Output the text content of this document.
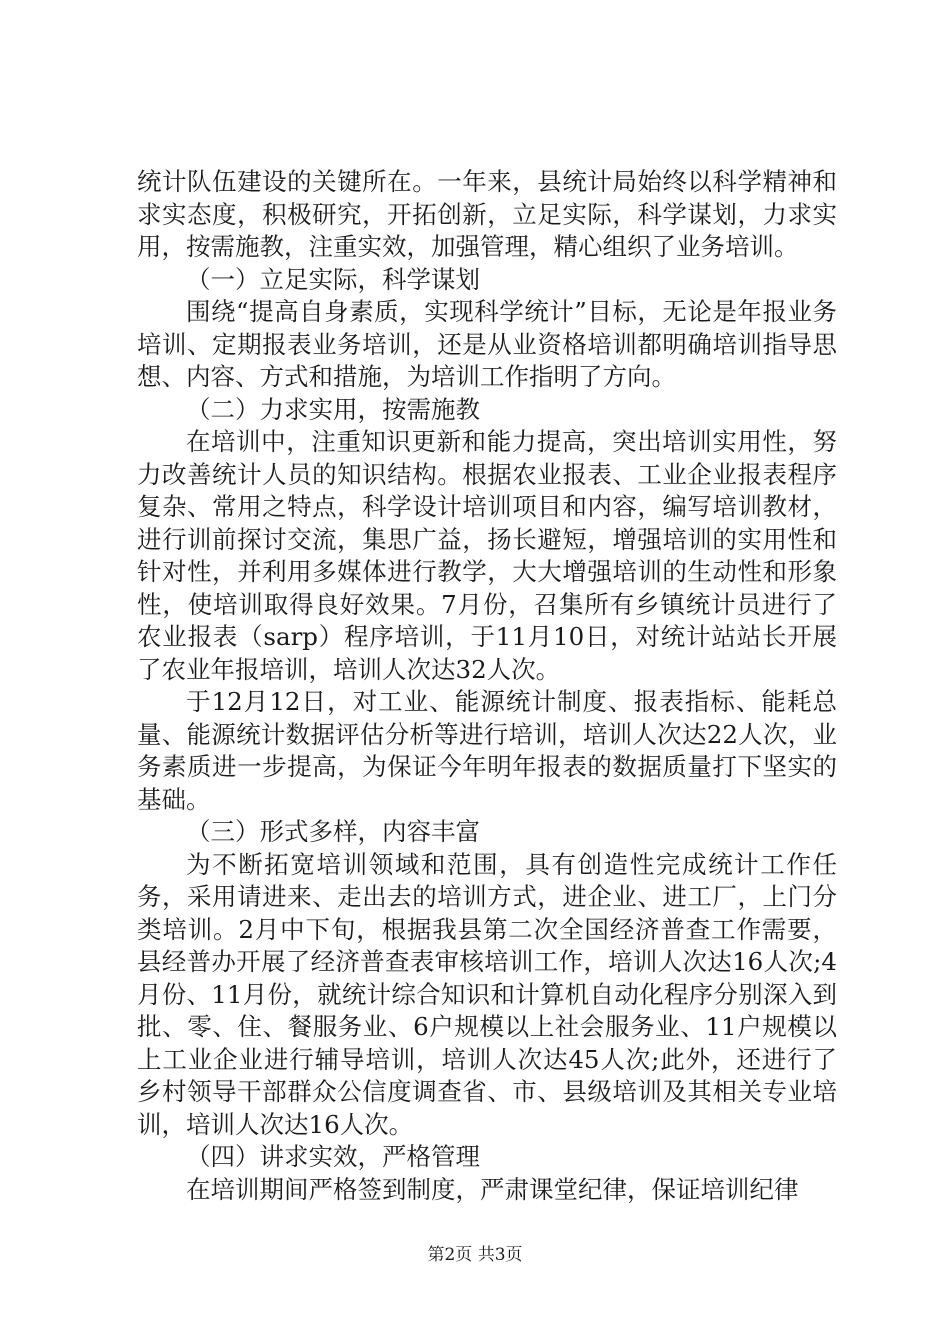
统计队伍建设的关键所在。一年来，县统计局始终以科学精神和求实态度，积极研究，开拓创新，立足实际，科学谋划，力求实用，按需施教，注重实效，加强管理，精心组织了业务培训。

（一）立足实际，科学谋划

围绕“提高自身素质，实现科学统计”目标，无论是年报业务培训、定期报表业务培训，还是从业资格培训都明确培训指导思想、内容、方式和措施，为培训工作指明了方向。

（二）力求实用，按需施教

在培训中，注重知识更新和能力提高，突出培训实用性，努力改善统计人员的知识结构。根据农业报表、工业企业报表程序复杂、常用之特点，科学设计培训项目和内容，编写培训教材，进行训前探讨交流，集思广益，扬长避短，增强培训的实用性和针对性，并利用多媒体进行教学，大大增强培训的生动性和形象性，使培训取得良好效果。7月份，召集所有乡镇统计员进行了农业报表（sarp）程序培训，于11月10日，对统计站站长开展了农业年报培训，培训人次达32人次。

于12月12日，对工业、能源统计制度、报表指标、能耗总量、能源统计数据评估分析等进行培训，培训人次达22人次，业务素质进一步提高，为保证今年明年报表的数据质量打下坚实的基础。

（三）形式多样，内容丰富

为不断拓宽培训领域和范围，具有创造性完成统计工作任务，采用请进来、走出去的培训方式，进企业、进工厂，上门分类培训。2月中下旬，根据我县第二次全国经济普查工作需要，县经普办开展了经济普查表审核培训工作，培训人次达16人次;4月份、11月份，就统计综合知识和计算机自动化程序分别深入到批、零、住、餐服务业、6户规模以上社会服务业、11户规模以上工业企业进行辅导培训，培训人次达45人次;此外，还进行了乡村领导干部群众公信度调查省、市、县级培训及其相关专业培训，培训人次达16人次。

（四）讲求实效，严格管理

在培训期间严格签到制度，严肃课堂纪律，保证培训纪律

第2页 共3页
